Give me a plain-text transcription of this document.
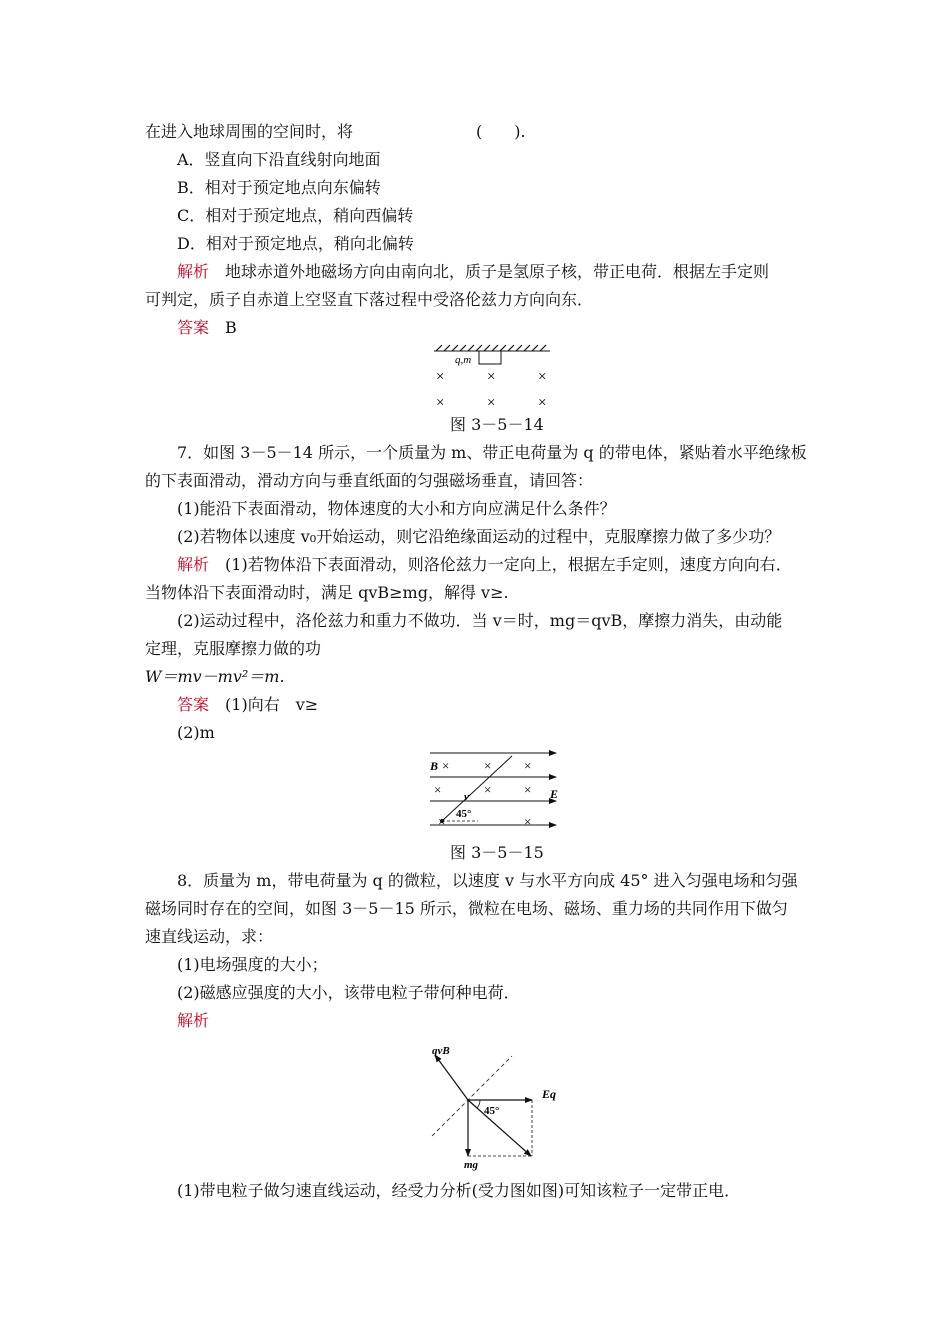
在进入地球周围的空间时，将	(　　).
A．竖直向下沿直线射向地面
B．相对于预定地点向东偏转
C．相对于预定地点，稍向西偏转
D．相对于预定地点，稍向北偏转
解析　 地球赤道外地磁场方向由南向北，质子是氢原子核，带正电荷．根据左手定则
可判定，质子自赤道上空竖直下落过程中受洛伦兹力方向向东．
答案　 B
q,m
×	×	×
×	×	×
图 3－5－14
7．如图 3－5－14 所示，一个质量为 m、带正电荷量为 q 的带电体，紧贴着水平绝缘板
的下表面滑动，滑动方向与垂直纸面的匀强磁场垂直，请回答：
(1)能沿下表面滑动，物体速度的大小和方向应满足什么条件？
(2)若物体以速度 v₀开始运动，则它沿绝缘面运动的过程中，克服摩擦力做了多少功？
解析　 (1)若物体沿下表面滑动，则洛伦兹力一定向上，根据左手定则，速度方向向右．
当物体沿下表面滑动时，满足 qvB≥mg，解得 v≥.
(2)运动过程中，洛伦兹力和重力不做功．当 v＝时，mg＝qvB，摩擦力消失，由动能
定理，克服摩擦力做的功
W＝mv－mv²＝m.
答案　 (1)向右　v≥
(2)m
×	×	×
×	×	×
×	×
B
E
v
45°
图 3－5－15
8．质量为 m，带电荷量为 q 的微粒，以速度 v 与水平方向成 45° 进入匀强电场和匀强
磁场同时存在的空间，如图 3－5－15 所示，微粒在电场、磁场、重力场的共同作用下做匀
速直线运动，求：
(1)电场强度的大小；
(2)磁感应强度的大小，该带电粒子带何种电荷．
解析
qvB
Eq
mg
45°
(1)带电粒子做匀速直线运动，经受力分析(受力图如图)可知该粒子一定带正电．
